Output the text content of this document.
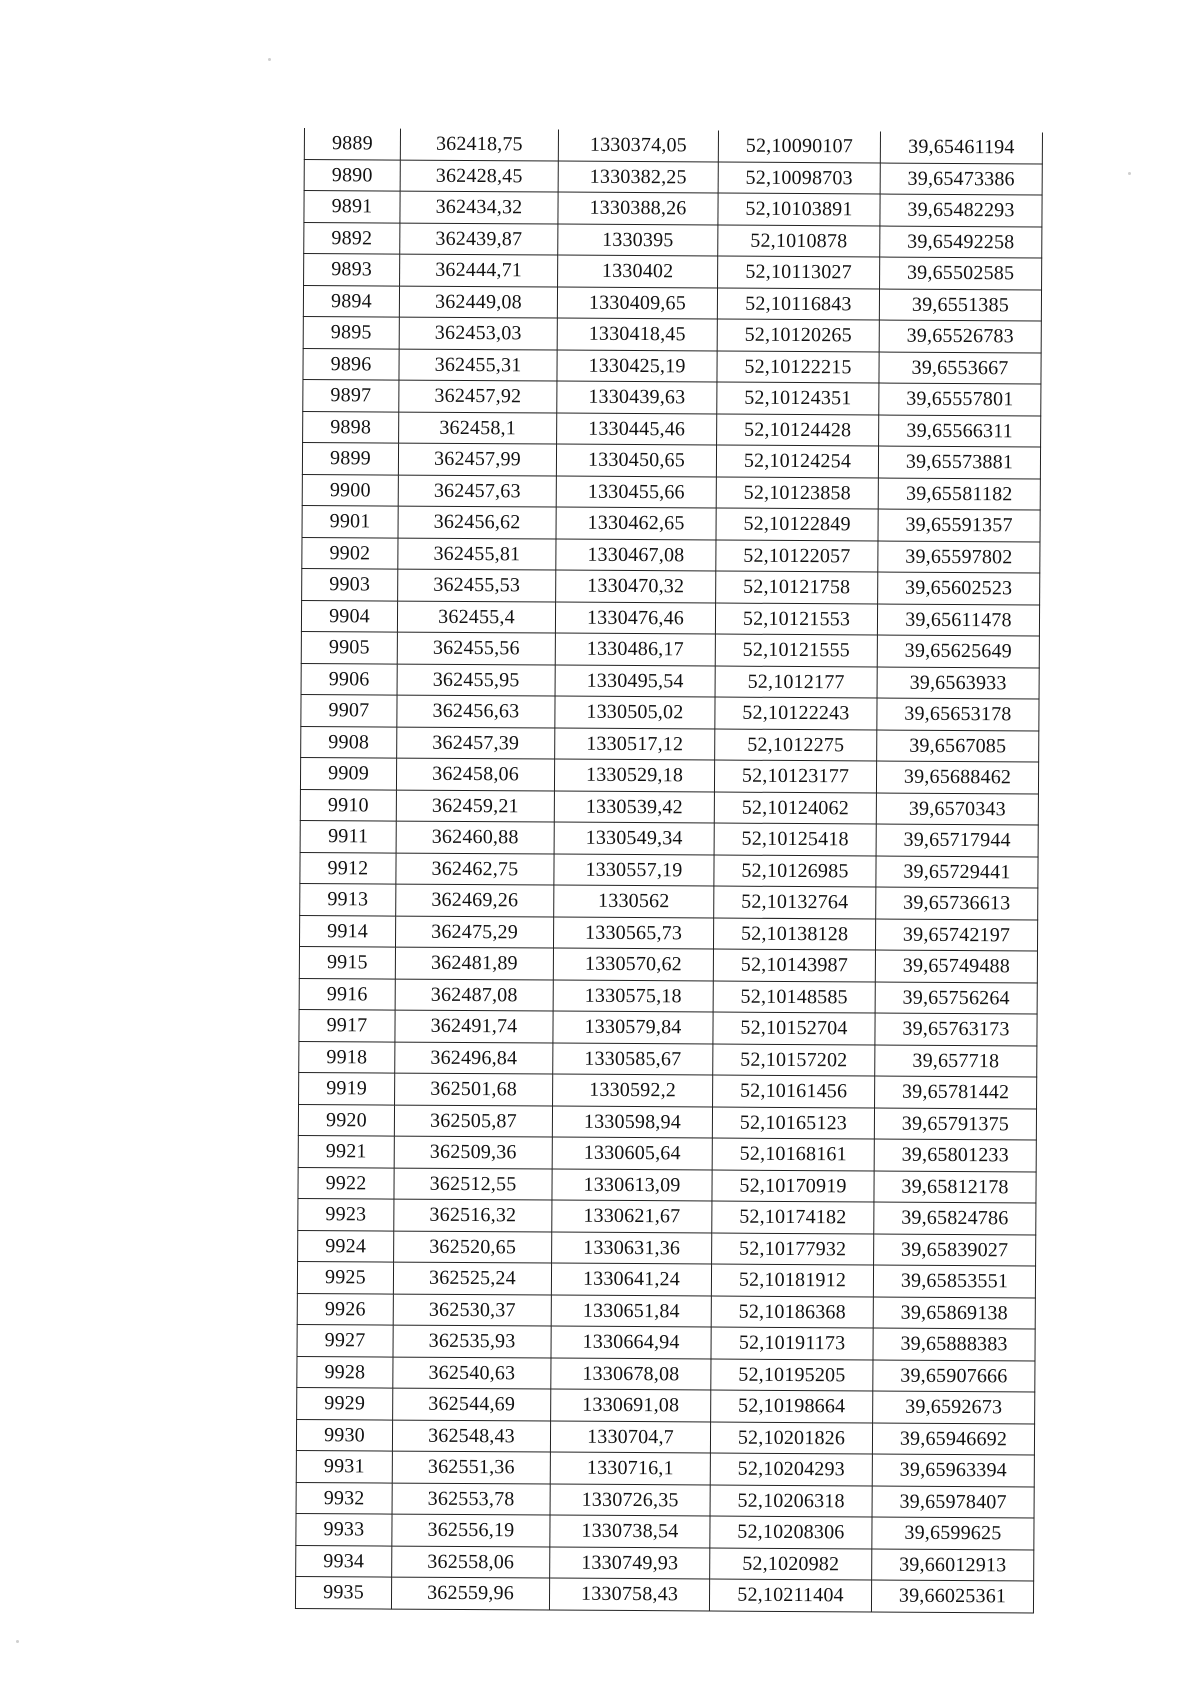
9889	362418,75	1330374,05	52,10090107	39,65461194
9890	362428,45	1330382,25	52,10098703	39,65473386
9891	362434,32	1330388,26	52,10103891	39,65482293
9892	362439,87	1330395	52,1010878	39,65492258
9893	362444,71	1330402	52,10113027	39,65502585
9894	362449,08	1330409,65	52,10116843	39,6551385
9895	362453,03	1330418,45	52,10120265	39,65526783
9896	362455,31	1330425,19	52,10122215	39,6553667
9897	362457,92	1330439,63	52,10124351	39,65557801
9898	362458,1	1330445,46	52,10124428	39,65566311
9899	362457,99	1330450,65	52,10124254	39,65573881
9900	362457,63	1330455,66	52,10123858	39,65581182
9901	362456,62	1330462,65	52,10122849	39,65591357
9902	362455,81	1330467,08	52,10122057	39,65597802
9903	362455,53	1330470,32	52,10121758	39,65602523
9904	362455,4	1330476,46	52,10121553	39,65611478
9905	362455,56	1330486,17	52,10121555	39,65625649
9906	362455,95	1330495,54	52,1012177	39,6563933
9907	362456,63	1330505,02	52,10122243	39,65653178
9908	362457,39	1330517,12	52,1012275	39,6567085
9909	362458,06	1330529,18	52,10123177	39,65688462
9910	362459,21	1330539,42	52,10124062	39,6570343
9911	362460,88	1330549,34	52,10125418	39,65717944
9912	362462,75	1330557,19	52,10126985	39,65729441
9913	362469,26	1330562	52,10132764	39,65736613
9914	362475,29	1330565,73	52,10138128	39,65742197
9915	362481,89	1330570,62	52,10143987	39,65749488
9916	362487,08	1330575,18	52,10148585	39,65756264
9917	362491,74	1330579,84	52,10152704	39,65763173
9918	362496,84	1330585,67	52,10157202	39,657718
9919	362501,68	1330592,2	52,10161456	39,65781442
9920	362505,87	1330598,94	52,10165123	39,65791375
9921	362509,36	1330605,64	52,10168161	39,65801233
9922	362512,55	1330613,09	52,10170919	39,65812178
9923	362516,32	1330621,67	52,10174182	39,65824786
9924	362520,65	1330631,36	52,10177932	39,65839027
9925	362525,24	1330641,24	52,10181912	39,65853551
9926	362530,37	1330651,84	52,10186368	39,65869138
9927	362535,93	1330664,94	52,10191173	39,65888383
9928	362540,63	1330678,08	52,10195205	39,65907666
9929	362544,69	1330691,08	52,10198664	39,6592673
9930	362548,43	1330704,7	52,10201826	39,65946692
9931	362551,36	1330716,1	52,10204293	39,65963394
9932	362553,78	1330726,35	52,10206318	39,65978407
9933	362556,19	1330738,54	52,10208306	39,6599625
9934	362558,06	1330749,93	52,1020982	39,66012913
9935	362559,96	1330758,43	52,10211404	39,66025361
